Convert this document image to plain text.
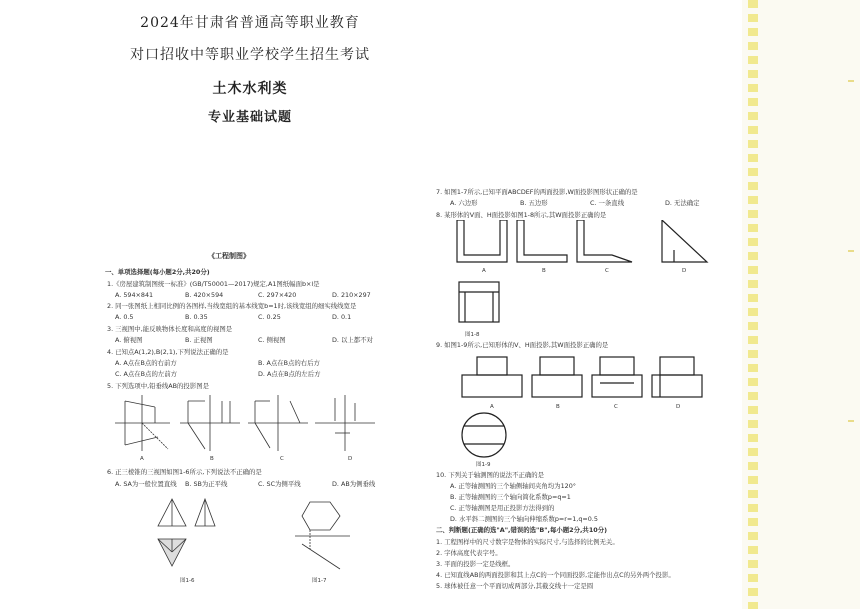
2024年甘肃省普通高等职业教育
对口招收中等职业学校学生招生考试
土木水利类
专业基础试题
《工程制图》
一、单项选择题(每小题2分,共20分)
1.《房屋建筑制图统一标准》(GB/T50001—2017)规定,A1图纸幅面b×l是
A. 594×841	B. 420×594	C. 297×420	D. 210×297
2. 同一张图纸上相同比例的各图样,当线宽组的基本线宽b=1时,该线宽组的细实线线宽是
A. 0.5	B. 0.35	C. 0.25	D. 0.1
3. 三视图中,能反映物体长度和高度的视图是
A. 俯视图	B. 正视图	C. 侧视图	D. 以上都不对
4. 已知点A(1,2),B(2,1),下列说法正确的是
A. A点在B点的右前方	B. A点在B点的右后方
C. A点在B点的左前方	D. A点在B点的左后方
5. 下列选项中,铅垂线AB的投影图是
A	B	C	D
6. 正三棱锥的三视图如图1-6所示,下列说法不正确的是
A. SA为一般位置直线 B. SB为正平线	C. SC为侧平线	D. AB为侧垂线
图1-6	图1-7
7. 如图1-7所示,已知平面ABCDEF的两面投影,W面投影图形状正确的是
A. 六边形	B. 五边形	C. 一条直线	D. 无法确定
8. 某形体的V面、H面投影如图1-8所示,其W面投影正确的是
A	B	C	D
图1-8
9. 如图1-9所示,已知形体的V、H面投影,其W面投影正确的是
A	B	C	D
图1-9
10. 下列关于轴测图的说法不正确的是
A. 正等轴测图的三个轴侧轴间夹角均为120°
B. 正等轴测图的三个轴向简化系数p=q=1
C. 正等轴测图是用正投影方法得到的
D. 水平斜二测图的三个轴向伸缩系数p=r=1,q=0.5
二、判断题(正确的选"A",错误的选"B",每小题2分,共10分)
1. 工程图样中的尺寸数字是物体的实际尺寸,与选择的比例无关。
2. 字体高度代表字号。
3. 平面的投影一定是线框。
4. 已知直线AB的两面投影和其上点C的一个同面投影,定能作出点C的另外两个投影。
5. 球体被任意一个平面切成两部分,其截交线十一定是圆
